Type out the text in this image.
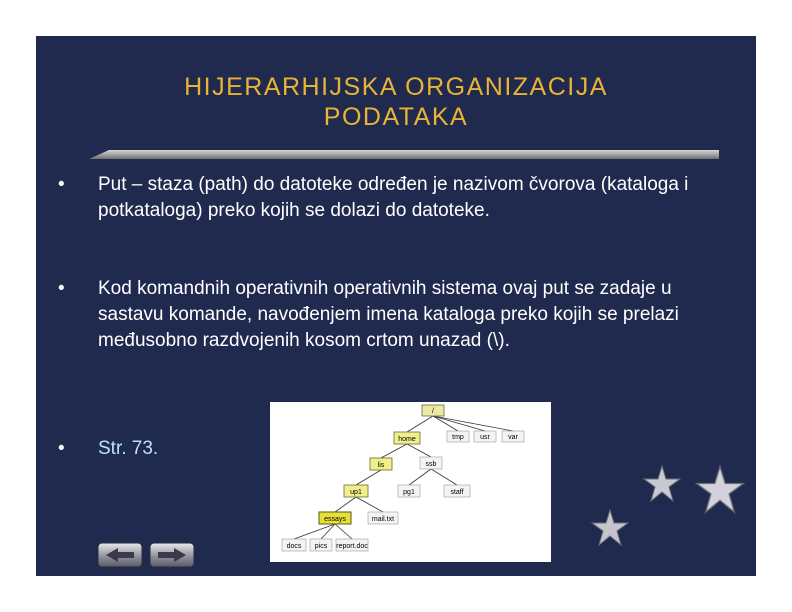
HIJERARHIJSKA ORGANIZACIJA
PODATAKA
•	Put – staza (path) do datoteke određen je nazivom čvorova (kataloga i potkataloga) preko kojih se dolazi do datoteke.
•	Kod komandnih operativnih operativnih sistema ovaj put se zadaje u sastavu komande, navođenjem imena kataloga preko kojih se prelazi međusobno razdvojenih kosom crtom unazad (\).
•	Str. 73.
/
home	tmp usr	var
lis	ssb
up1	pg1	staff
essays	mail.txt
docs pics report.doc
